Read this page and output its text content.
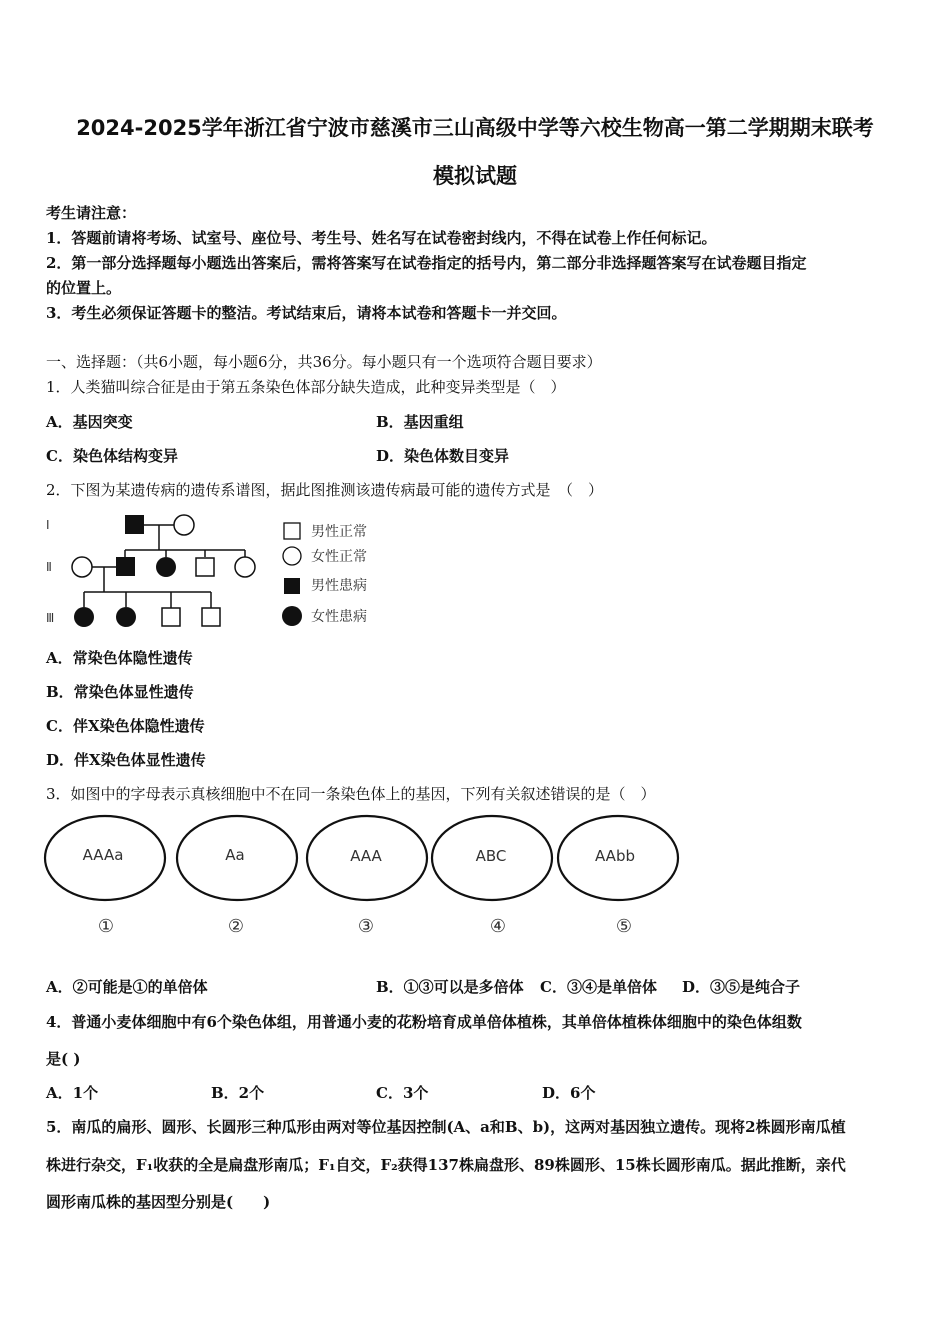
2024-2025学年浙江省宁波市慈溪市三山高级中学等六校生物高一第二学期期末联考
模拟试题
考生请注意：
1．答题前请将考场、试室号、座位号、考生号、姓名写在试卷密封线内，不得在试卷上作任何标记。
2．第一部分选择题每小题选出答案后，需将答案写在试卷指定的括号内，第二部分非选择题答案写在试卷题目指定
的位置上。
3．考生必须保证答题卡的整洁。考试结束后，请将本试卷和答题卡一并交回。
一、选择题：（共6小题，每小题6分，共36分。每小题只有一个选项符合题目要求）
1．人类猫叫综合征是由于第五条染色体部分缺失造成，此种变异类型是（　）
A．基因突变	B．基因重组
C．染色体结构变异	D．染色体数目变异
2．下图为某遗传病的遗传系谱图，据此图推测该遗传病最可能的遗传方式是　（　）
Ⅰ
Ⅱ
Ⅲ
男性正常
女性正常
男性患病
女性患病
A．常染色体隐性遗传
B．常染色体显性遗传
C．伴X染色体隐性遗传
D．伴X染色体显性遗传
3．如图中的字母表示真核细胞中不在同一条染色体上的基因，下列有关叙述错误的是（　）
AAAa	Aa	AAA	ABC	AAbb
①	②	③	④	⑤
A．②可能是①的单倍体	B．①③可以是多倍体 C．③④是单倍体 D．③⑤是纯合子
4．普通小麦体细胞中有6个染色体组，用普通小麦的花粉培育成单倍体植株，其单倍体植株体细胞中的染色体组数
是( )
A．1个	B．2个	C．3个	D．6个
5．南瓜的扁形、圆形、长圆形三种瓜形由两对等位基因控制(A、a和B、b)，这两对基因独立遗传。现将2株圆形南瓜植
株进行杂交，F₁收获的全是扁盘形南瓜；F₁自交，F₂获得137株扁盘形、89株圆形、15株长圆形南瓜。据此推断，亲代
圆形南瓜株的基因型分别是(　　)
